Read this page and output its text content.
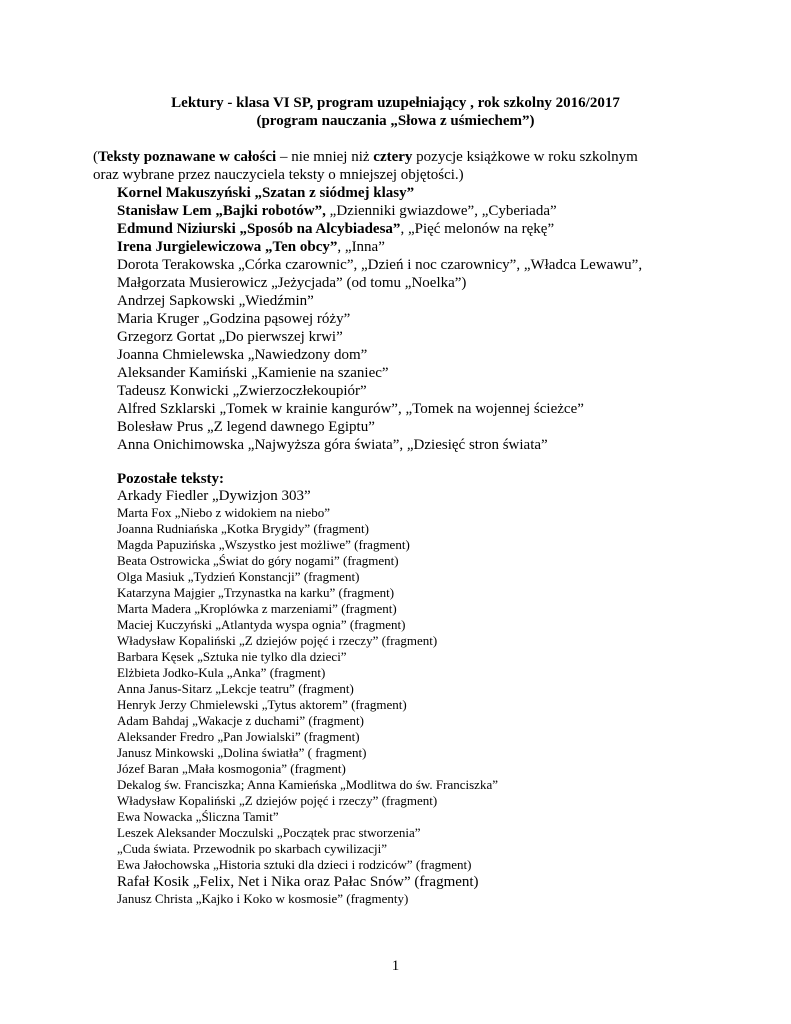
Lektury - klasa VI SP, program uzupełniający , rok szkolny 2016/2017
(program nauczania „Słowa z uśmiechem”)
(Teksty poznawane w całości – nie mniej niż cztery pozycje książkowe w roku szkolnym
oraz wybrane przez nauczyciela teksty o mniejszej objętości.)
Kornel Makuszyński „Szatan z siódmej klasy”
Stanisław Lem „Bajki robotów”, „Dzienniki gwiazdowe”, „Cyberiada”
Edmund Niziurski „Sposób na Alcybiadesa”, „Pięć melonów na rękę”
Irena Jurgielewiczowa „Ten obcy”, „Inna”
Dorota Terakowska „Córka czarownic”, „Dzień i noc czarownicy”, „Władca Lewawu”,
Małgorzata Musierowicz „Jeżycjada” (od tomu „Noelka”)
Andrzej Sapkowski „Wiedźmin”
Maria Kruger „Godzina pąsowej róży”
Grzegorz Gortat „Do pierwszej krwi”
Joanna Chmielewska „Nawiedzony dom”
Aleksander Kamiński „Kamienie na szaniec”
Tadeusz Konwicki „Zwierzoczłekoupiór”
Alfred Szklarski „Tomek w krainie kangurów”, „Tomek na wojennej ścieżce”
Bolesław Prus „Z legend dawnego Egiptu”
Anna Onichimowska „Najwyższa góra świata”, „Dziesięć stron świata”
Pozostałe teksty:
Arkady Fiedler „Dywizjon 303”
Marta Fox „Niebo z widokiem na niebo”
Joanna Rudniańska „Kotka Brygidy” (fragment)
Magda Papuzińska „Wszystko jest możliwe” (fragment)
Beata Ostrowicka „Świat do góry nogami” (fragment)
Olga Masiuk „Tydzień Konstancji” (fragment)
Katarzyna Majgier „Trzynastka na karku” (fragment)
Marta Madera „Kroplówka z marzeniami” (fragment)
Maciej Kuczyński „Atlantyda wyspa ognia” (fragment)
Władysław Kopaliński „Z dziejów pojęć i rzeczy” (fragment)
Barbara Kęsek „Sztuka nie tylko dla dzieci”
Elżbieta Jodko-Kula „Anka” (fragment)
Anna Janus-Sitarz „Lekcje teatru” (fragment)
Henryk Jerzy Chmielewski „Tytus aktorem” (fragment)
Adam Bahdaj „Wakacje z duchami” (fragment)
Aleksander Fredro „Pan Jowialski” (fragment)
Janusz Minkowski „Dolina światła” ( fragment)
Józef Baran „Mała kosmogonia” (fragment)
Dekalog św. Franciszka; Anna Kamieńska „Modlitwa do św. Franciszka”
Władysław Kopaliński „Z dziejów pojęć i rzeczy” (fragment)
Ewa Nowacka „Śliczna Tamit”
Leszek Aleksander Moczulski „Początek prac stworzenia”
„Cuda świata. Przewodnik po skarbach cywilizacji”
Ewa Jałochowska „Historia sztuki dla dzieci i rodziców” (fragment)
Rafał Kosik „Felix, Net i Nika oraz Pałac Snów” (fragment)
Janusz Christa „Kajko i Koko w kosmosie” (fragmenty)
1
